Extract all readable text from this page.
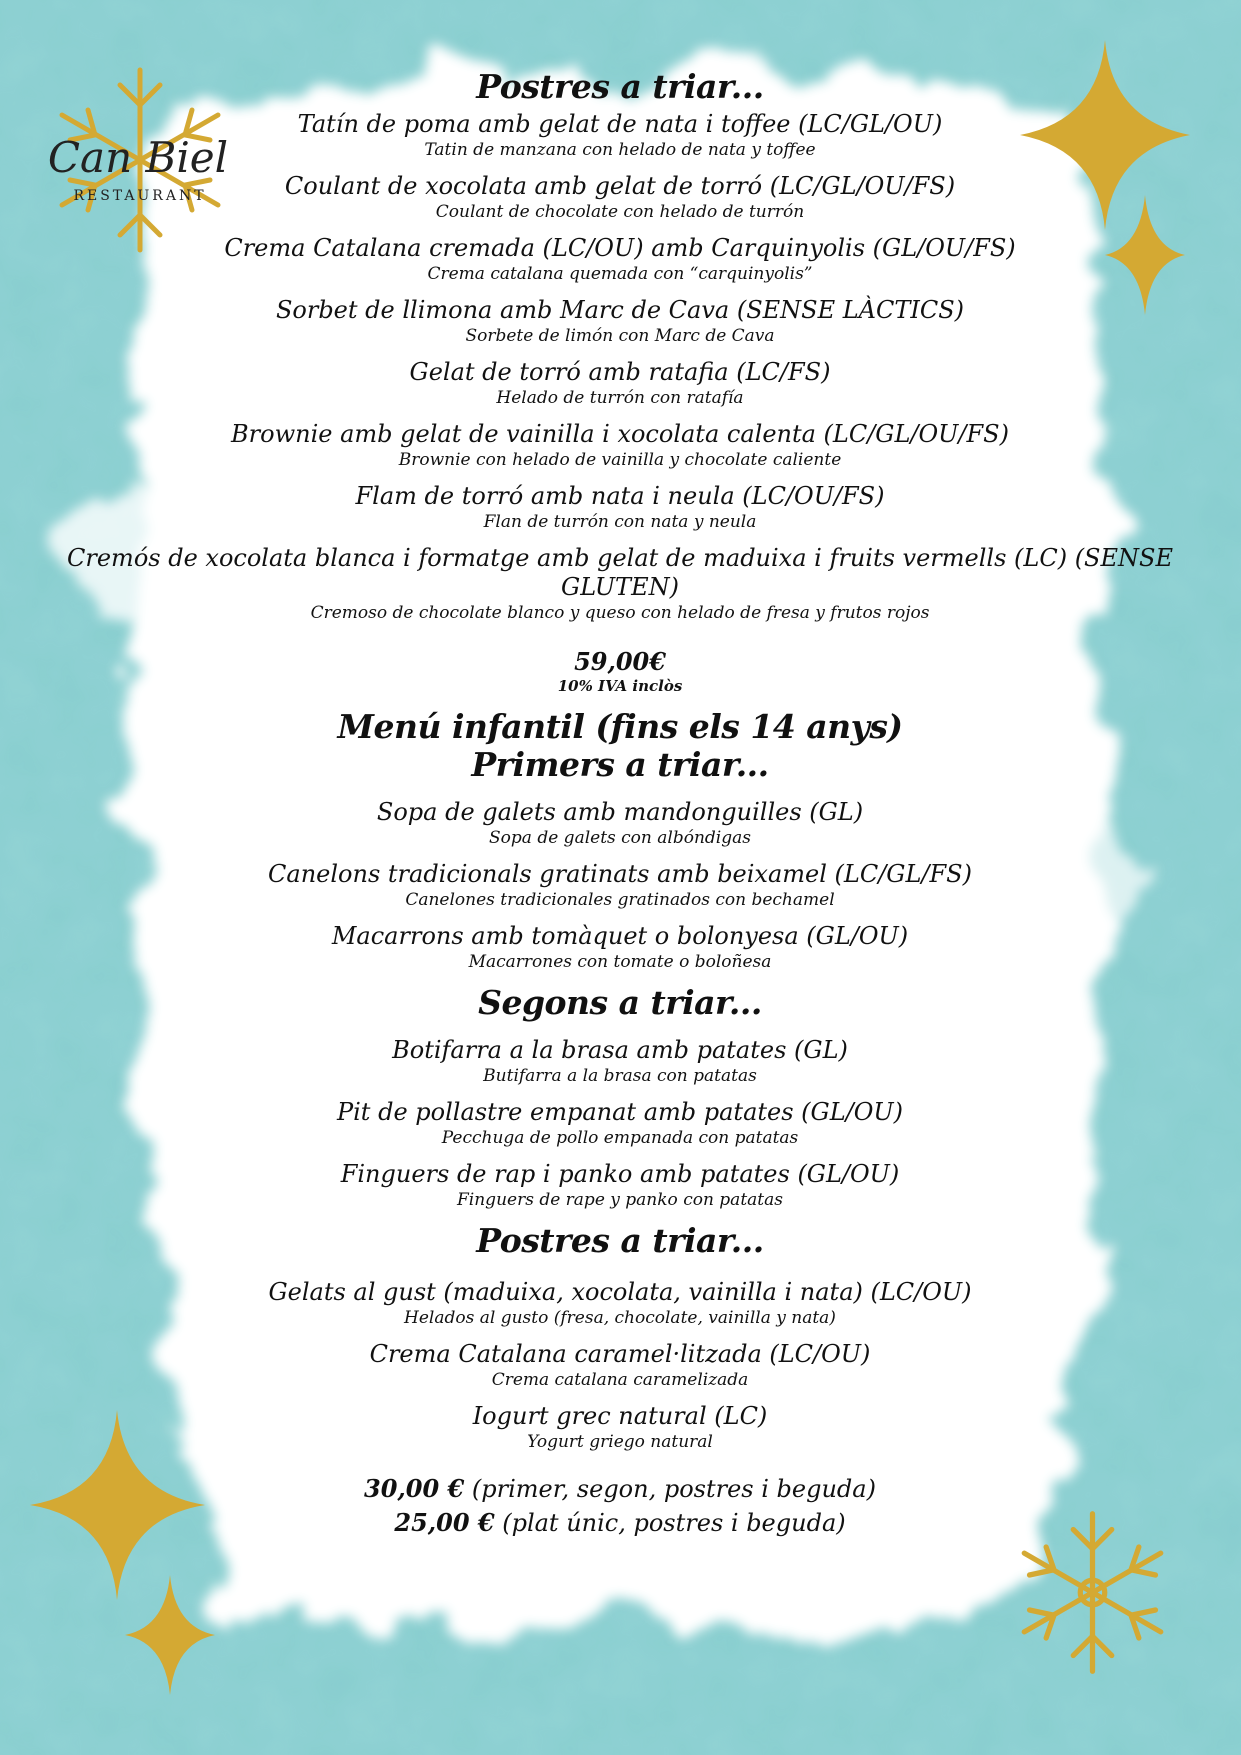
Can Biel
RESTAURANT
Postres a triar...

Tatín de poma amb gelat de nata i toffee (LC/GL/OU)

Tatin de manzana con helado de nata y toffee

Coulant de xocolata amb gelat de torró (LC/GL/OU/FS)

Coulant de chocolate con helado de turrón

Crema Catalana cremada (LC/OU) amb Carquinyolis (GL/OU/FS)

Crema catalana quemada con “carquinyolis”

Sorbet de llimona amb Marc de Cava (SENSE LÀCTICS)

Sorbete de limón con Marc de Cava

Gelat de torró amb ratafia (LC/FS)

Helado de turrón con ratafía

Brownie amb gelat de vainilla i xocolata calenta (LC/GL/OU/FS)

Brownie con helado de vainilla y chocolate caliente

Flam de torró amb nata i neula (LC/OU/FS)

Flan de turrón con nata y neula

Cremós de xocolata blanca i formatge amb gelat de maduixa i fruits vermells (LC) (SENSE GLUTEN)

Cremoso de chocolate blanco y queso con helado de fresa y frutos rojos

59,00€

10% IVA inclòs

Menú infantil (fins els 14 anys)
Primers a triar...

Sopa de galets amb mandonguilles (GL)

Sopa de galets con albóndigas

Canelons tradicionals gratinats amb beixamel (LC/GL/FS)

Canelones tradicionales gratinados con bechamel

Macarrons amb tomàquet o bolonyesa (GL/OU)

Macarrones con tomate o boloñesa

Segons a triar...

Botifarra a la brasa amb patates (GL)

Butifarra a la brasa con patatas

Pit de pollastre empanat amb patates (GL/OU)

Pecchuga de pollo empanada con patatas

Finguers de rap i panko amb patates (GL/OU)

Finguers de rape y panko con patatas

Postres a triar...

Gelats al gust (maduixa, xocolata, vainilla i nata) (LC/OU)

Helados al gusto (fresa, chocolate, vainilla y nata)

Crema Catalana caramel·litzada (LC/OU)

Crema catalana caramelizada

Iogurt grec natural (LC)

Yogurt griego natural

30,00 € (primer, segon, postres i beguda)

25,00 € (plat únic, postres i beguda)
